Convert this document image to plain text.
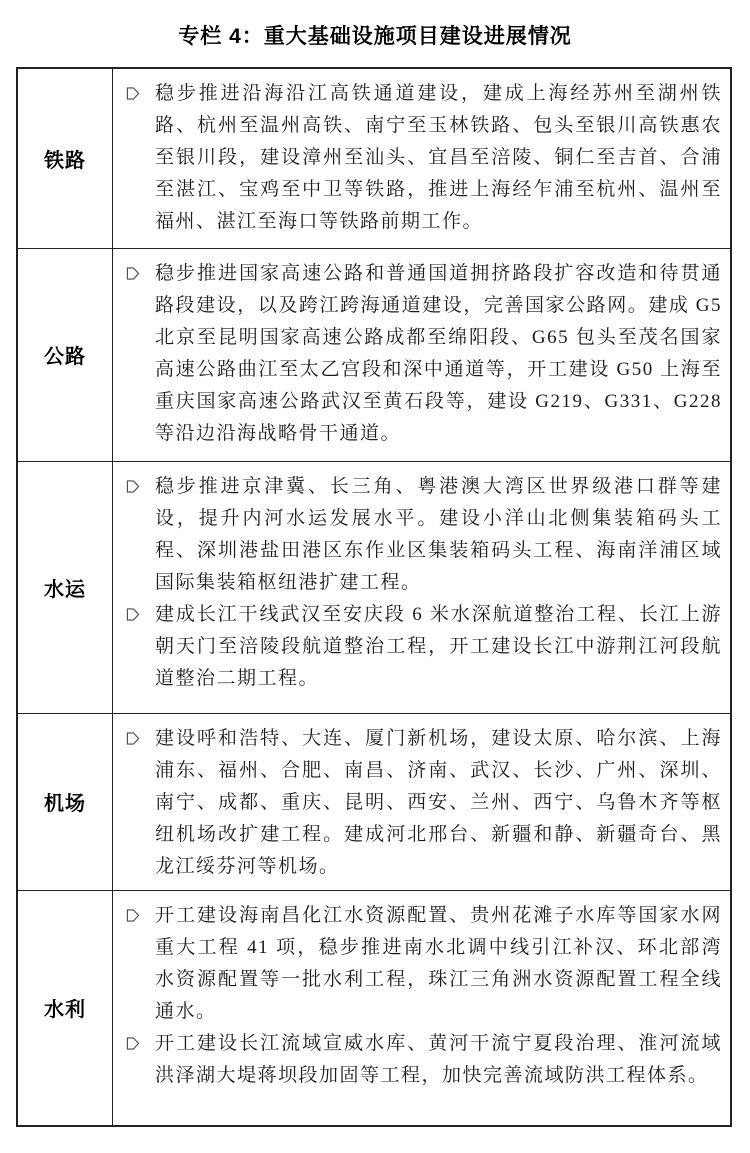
专栏 4：重大基础设施项目建设进展情况
铁路	稳步推进沿海沿江高铁通道建设，建成上海经苏州至湖州铁路、杭州至温州高铁、南宁至玉林铁路、包头至银川高铁惠农至银川段，建设漳州至汕头、宜昌至涪陵、铜仁至吉首、合浦至湛江、宝鸡至中卫等铁路，推进上海经乍浦至杭州、温州至福州、湛江至海口等铁路前期工作。

公路	稳步推进国家高速公路和普通国道拥挤路段扩容改造和待贯通路段建设，以及跨江跨海通道建设，完善国家公路网。建成 G5 北京至昆明国家高速公路成都至绵阳段、G65 包头至茂名国家高速公路曲江至太乙宫段和深中通道等，开工建设 G50 上海至重庆国家高速公路武汉至黄石段等，建设 G219、G331、G228 等沿边沿海战略骨干通道。

水运	稳步推进京津冀、长三角、粤港澳大湾区世界级港口群等建设，提升内河水运发展水平。建设小洋山北侧集装箱码头工程、深圳港盐田港区东作业区集装箱码头工程、海南洋浦区域国际集装箱枢纽港扩建工程。

建成长江干线武汉至安庆段 6 米水深航道整治工程、长江上游朝天门至涪陵段航道整治工程，开工建设长江中游荆江河段航道整治二期工程。

机场	建设呼和浩特、大连、厦门新机场，建设太原、哈尔滨、上海浦东、福州、合肥、南昌、济南、武汉、长沙、广州、深圳、南宁、成都、重庆、昆明、西安、兰州、西宁、乌鲁木齐等枢纽机场改扩建工程。建成河北邢台、新疆和静、新疆奇台、黑龙江绥芬河等机场。

水利	开工建设海南昌化江水资源配置、贵州花滩子水库等国家水网重大工程 41 项，稳步推进南水北调中线引江补汉、环北部湾水资源配置等一批水利工程，珠江三角洲水资源配置工程全线通水。

开工建设长江流域宣威水库、黄河干流宁夏段治理、淮河流域洪泽湖大堤蒋坝段加固等工程，加快完善流域防洪工程体系。
